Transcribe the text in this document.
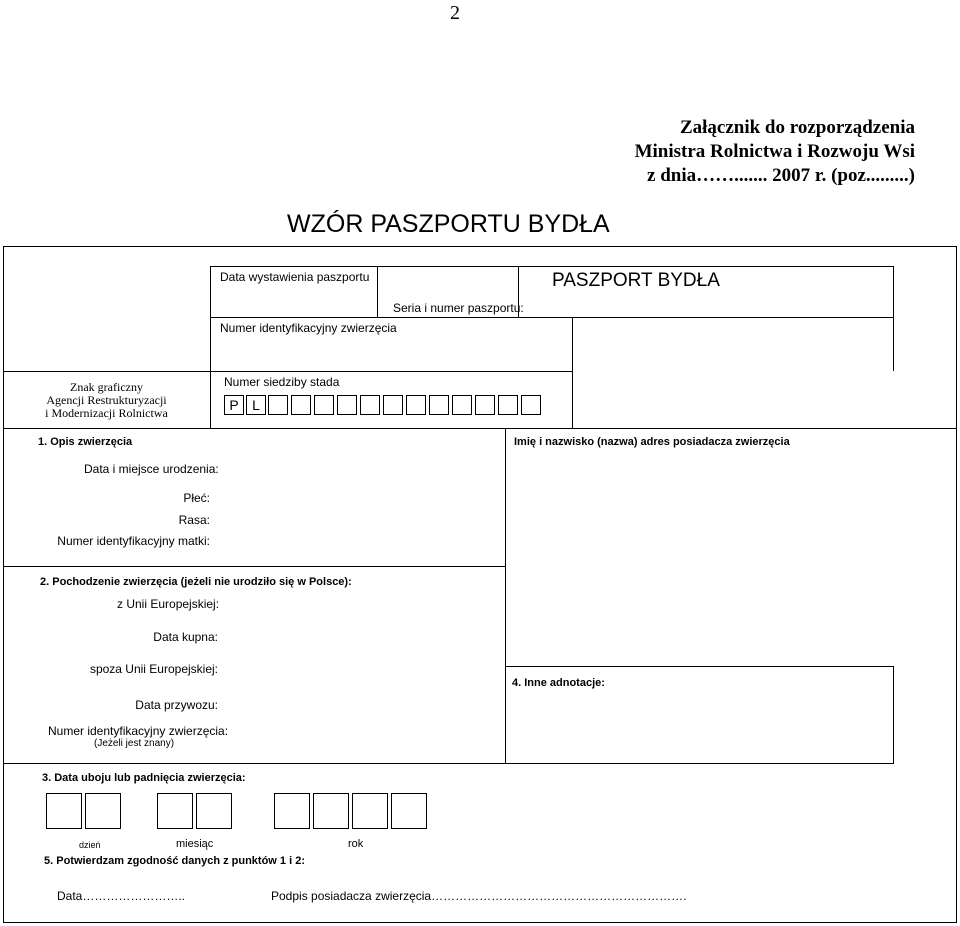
2
Załącznik do rozporządzenia
Ministra Rolnictwa i Rozwoju Wsi
z dnia……....... 2007 r. (poz.........)
WZÓR PASZPORTU BYDŁA
Data wystawienia paszportu
Seria i numer paszportu:
PASZPORT BYDŁA
Numer identyfikacyjny zwierzęcia
Znak graficzny
Agencji Restrukturyzacji
i Modernizacji Rolnictwa
Numer siedziby stada
P L
1. Opis zwierzęcia
Data i miejsce urodzenia:
Płeć:
Rasa:
Numer identyfikacyjny matki:
Imię i nazwisko (nazwa) adres posiadacza zwierzęcia
2. Pochodzenie zwierzęcia (jeżeli nie urodziło się w Polsce):
z Unii Europejskiej:
Data kupna:
spoza Unii Europejskiej:
Data przywozu:
Numer identyfikacyjny zwierzęcia:
(Jeżeli jest znany)
4. Inne adnotacje:
3. Data uboju lub padnięcia zwierzęcia:
dzień	miesiąc	rok
5. Potwierdzam zgodność danych z punktów 1 i 2:
Data……………………..	Podpis posiadacza zwierzęcia……………………………………………………….
